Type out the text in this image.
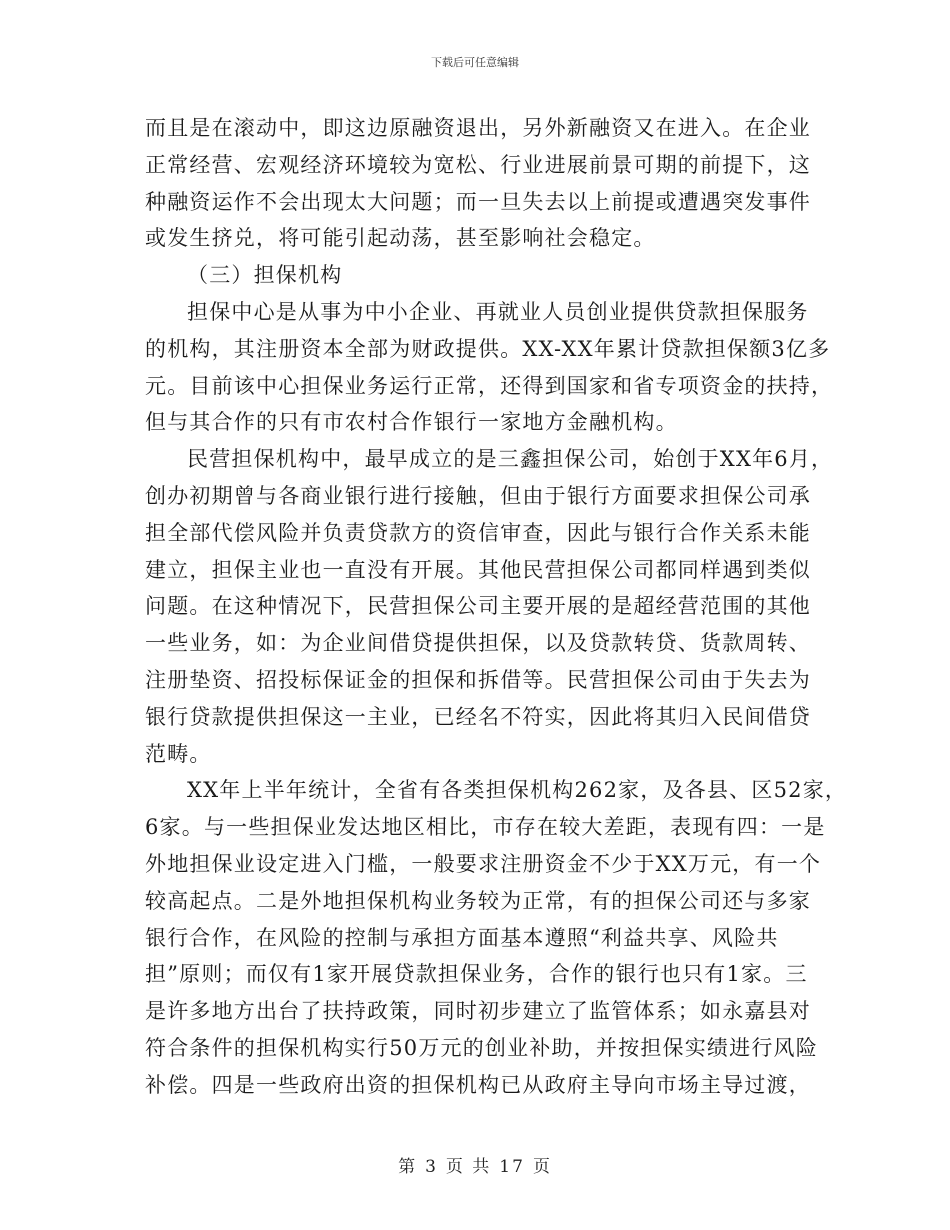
下载后可任意编辑
而且是在滚动中，即这边原融资退出，另外新融资又在进入。在企业
正常经营、宏观经济环境较为宽松、行业进展前景可期的前提下，这
种融资运作不会出现太大问题；而一旦失去以上前提或遭遇突发事件
或发生挤兑，将可能引起动荡，甚至影响社会稳定。
（三）担保机构
担保中心是从事为中小企业、再就业人员创业提供贷款担保服务
的机构，其注册资本全部为财政提供。XX-XX年累计贷款担保额3亿多
元。目前该中心担保业务运行正常，还得到国家和省专项资金的扶持，
但与其合作的只有市农村合作银行一家地方金融机构。
民营担保机构中，最早成立的是三鑫担保公司，始创于XX年6月，
创办初期曾与各商业银行进行接触，但由于银行方面要求担保公司承
担全部代偿风险并负责贷款方的资信审查，因此与银行合作关系未能
建立，担保主业也一直没有开展。其他民营担保公司都同样遇到类似
问题。在这种情况下，民营担保公司主要开展的是超经营范围的其他
一些业务，如：为企业间借贷提供担保，以及贷款转贷、货款周转、
注册垫资、招投标保证金的担保和拆借等。民营担保公司由于失去为
银行贷款提供担保这一主业，已经名不符实，因此将其归入民间借贷
范畴。
XX年上半年统计，全省有各类担保机构262家，及各县、区52家，
6家。与一些担保业发达地区相比，市存在较大差距，表现有四：一是
外地担保业设定进入门槛，一般要求注册资金不少于XX万元，有一个
较高起点。二是外地担保机构业务较为正常，有的担保公司还与多家
银行合作，在风险的控制与承担方面基本遵照“利益共享、风险共
担”原则；而仅有1家开展贷款担保业务，合作的银行也只有1家。三
是许多地方出台了扶持政策，同时初步建立了监管体系；如永嘉县对
符合条件的担保机构实行50万元的创业补助，并按担保实绩进行风险
补偿。四是一些政府出资的担保机构已从政府主导向市场主导过渡，
第 3 页 共 17 页
